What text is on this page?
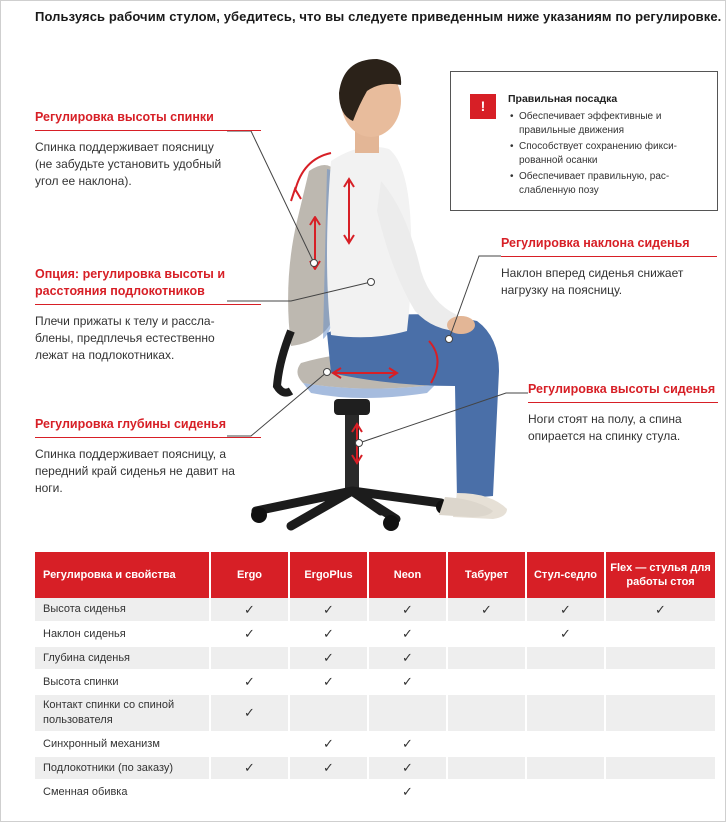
Пользуясь рабочим стулом, убедитесь, что вы следуете приведенным ниже указаниям по регулировке.
Регулировка высоты спинки
Спинка поддерживает поясницу (не забудьте установить удобный угол ее наклона).
Опция: регулировка высоты и расстояния подлокотников
Плечи прижаты к телу и рассла-блены, предплечья естественно лежат на подлокотниках.
Регулировка глубины сиденья
Спинка поддерживает поясницу, а передний край сиденья не давит на ноги.
Регулировка наклона сиденья
Наклон вперед сиденья снижает нагрузку на поясницу.
Регулировка высоты сиденья
Ноги стоят на полу, а спина опирается на спинку стула.
!	Правильная посадка
• Обеспечивает эффективные и правильные движения
• Способствует сохранению фикси-рованной осанки
• Обеспечивает правильную, рас-слабленную позу
Регулировка и свойства	Ergo	ErgoPlus	Neon	Табурет	Стул-седло	Flex — стулья для работы стоя
Высота сиденья	✓	✓	✓	✓	✓	✓
Наклон сиденья	✓	✓	✓		✓	
Глубина сиденья		✓	✓			
Высота спинки	✓	✓	✓			
Контакт спинки со спиной пользователя	✓					
Синхронный механизм		✓	✓			
Подлокотники (по заказу)	✓	✓	✓			
Сменная обивка			✓			
